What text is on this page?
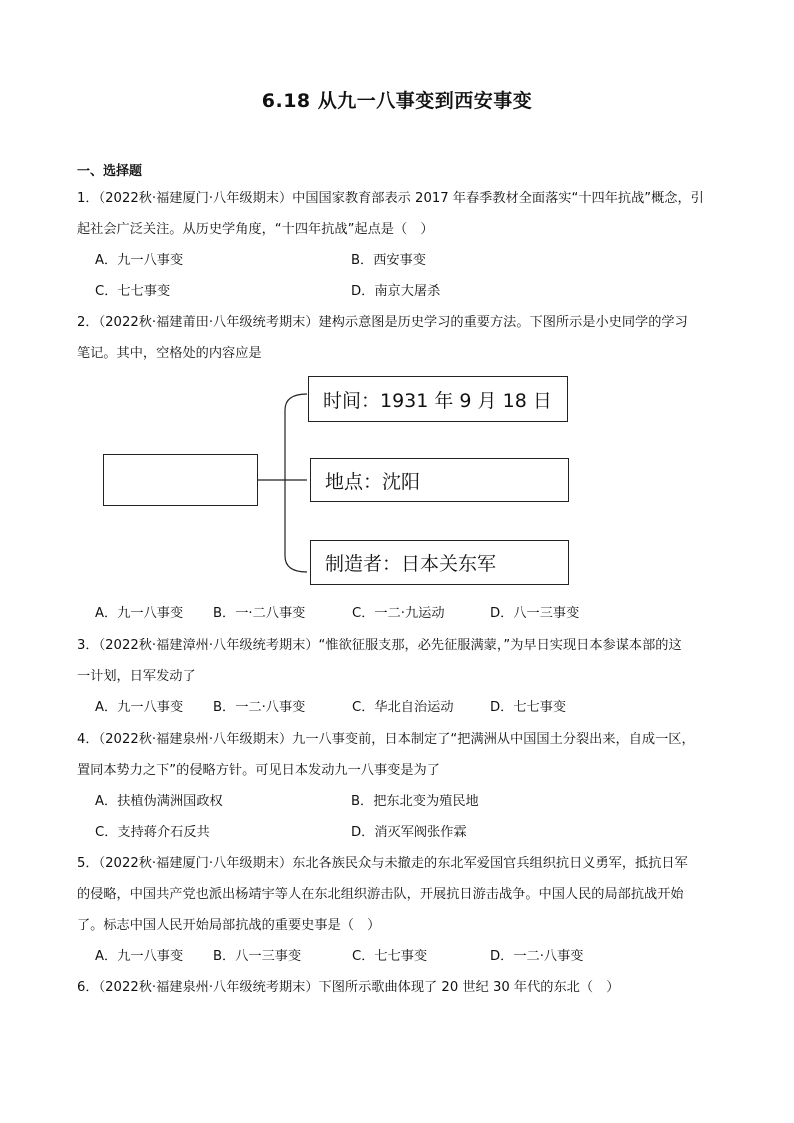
6.18 从九一八事变到西安事变
一、选择题
1．（2022秋·福建厦门·八年级期末）中国国家教育部表示 2017 年春季教材全面落实“十四年抗战”概念，引
起社会广泛关注。从历史学角度，“十四年抗战”起点是（　）
A．九一八事变	B．西安事变
C．七七事变	D．南京大屠杀
2．（2022秋·福建莆田·八年级统考期末）建构示意图是历史学习的重要方法。下图所示是小史同学的学习
笔记。其中，空格处的内容应是
时间：1931 年 9 月 18 日
地点：沈阳
制造者：日本关东军
A．九一八事变 B．一·二八事变	C．一二·九运动	D．八一三事变
3．（2022秋·福建漳州·八年级统考期末）“惟欲征服支那，必先征服满蒙，”为早日实现日本参谋本部的这
一计划，日军发动了
A．九一八事变 B．一二·八事变	C．华北自治运动	D．七七事变
4．（2022秋·福建泉州·八年级期末）九一八事变前，日本制定了“把满洲从中国国土分裂出来，自成一区，
置同本势力之下”的侵略方针。可见日本发动九一八事变是为了
A．扶植伪满洲国政权	B．把东北变为殖民地
C．支持蒋介石反共	D．消灭军阀张作霖
5．（2022秋·福建厦门·八年级期末）东北各族民众与未撤走的东北军爱国官兵组织抗日义勇军，抵抗日军
的侵略，中国共产党也派出杨靖宇等人在东北组织游击队，开展抗日游击战争。中国人民的局部抗战开始
了。标志中国人民开始局部抗战的重要史事是（　）
A．九一八事变 B．八一三事变	C．七七事变	D．一二·八事变
6．（2022秋·福建泉州·八年级统考期末）下图所示歌曲体现了 20 世纪 30 年代的东北（　）
